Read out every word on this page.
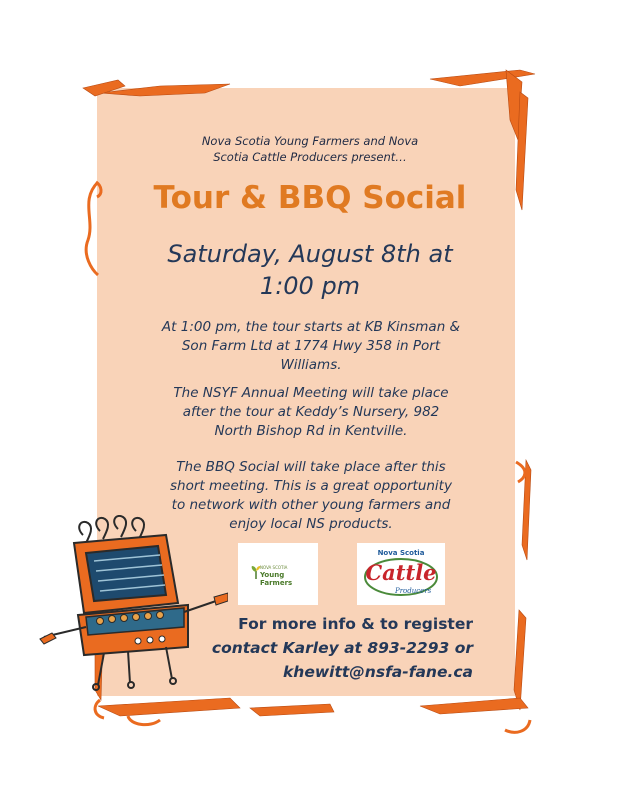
Nova Scotia Young Farmers and Nova
Scotia Cattle Producers present…
Tour & BBQ Social
Saturday, August 8th at
1:00 pm
At 1:00 pm, the tour starts at KB Kinsman &
Son Farm Ltd at 1774 Hwy 358 in Port
Williams.
The NSYF Annual Meeting will take place
after the tour at Keddy’s Nursery, 982
North Bishop Rd in Kentville.
The BBQ Social will take place after this
short meeting. This is a great opportunity
to network with other young farmers and
enjoy local NS products.
NOVA SCOTIA
Young Farmers
Nova Scotia
Cattle
Producers
For more info & to register
contact Karley at 893-2293 or
khewitt@nsfa-fane.ca
